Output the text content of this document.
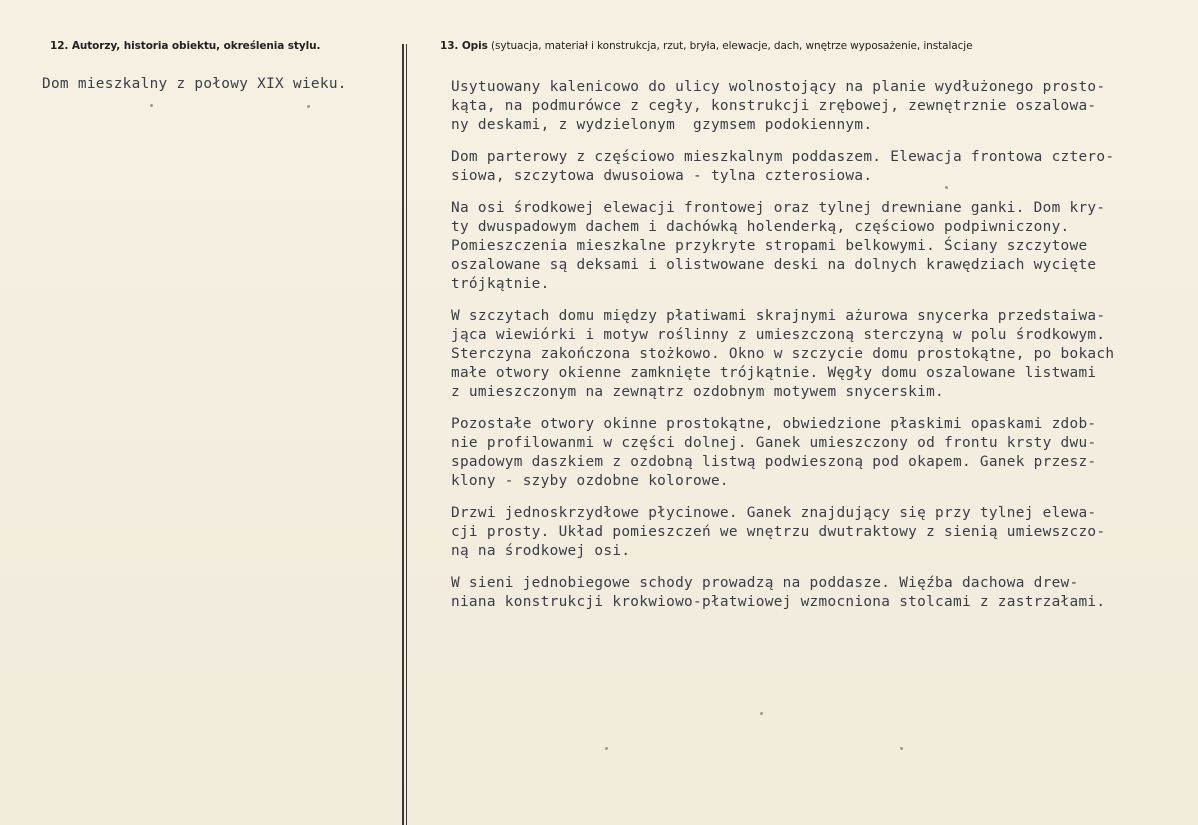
12. Autorzy, historia obiektu, określenia stylu.	13. Opis (sytuacja, materiał i konstrukcja, rzut, bryła, elewacje, dach, wnętrze wyposażenie, instalacje
Dom mieszkalny z połowy XIX wieku.	Usytuowany kalenicowo do ulicy wolnostojący na planie wydłużonego prosto-
kąta, na podmurówce z cegły, konstrukcji zrębowej, zewnętrznie oszalowa-
ny deskami, z wydzielonym  gzymsem podokiennym.
Dom parterowy z częściowo mieszkalnym poddaszem. Elewacja frontowa cztero-
siowa, szczytowa dwusoiowa - tylna czterosiowa.
Na osi środkowej elewacji frontowej oraz tylnej drewniane ganki. Dom kry-
ty dwuspadowym dachem i dachówką holenderką, częściowo podpiwniczony.
Pomieszczenia mieszkalne przykryte stropami belkowymi. Ściany szczytowe
oszalowane są deksami i olistwowane deski na dolnych krawędziach wycięte
trójkątnie.
W szczytach domu między płatiwami skrajnymi ażurowa snycerka przedstaiwa-
jąca wiewiórki i motyw roślinny z umieszczoną sterczyną w polu środkowym.
Sterczyna zakończona stożkowo. Okno w szczycie domu prostokątne, po bokach
małe otwory okienne zamknięte trójkątnie. Węgły domu oszalowane listwami
z umieszczonym na zewnątrz ozdobnym motywem snycerskim.
Pozostałe otwory okinne prostokątne, obwiedzione płaskimi opaskami zdob-
nie profilowanmi w części dolnej. Ganek umieszczony od frontu krsty dwu-
spadowym daszkiem z ozdobną listwą podwieszoną pod okapem. Ganek przesz-
klony - szyby ozdobne kolorowe.
Drzwi jednoskrzydłowe płycinowe. Ganek znajdujący się przy tylnej elewa-
cji prosty. Układ pomieszczeń we wnętrzu dwutraktowy z sienią umiewszczo-
ną na środkowej osi.
W sieni jednobiegowe schody prowadzą na poddasze. Więźba dachowa drew-
niana konstrukcji krokwiowo-płatwiowej wzmocniona stolcami z zastrzałami.
